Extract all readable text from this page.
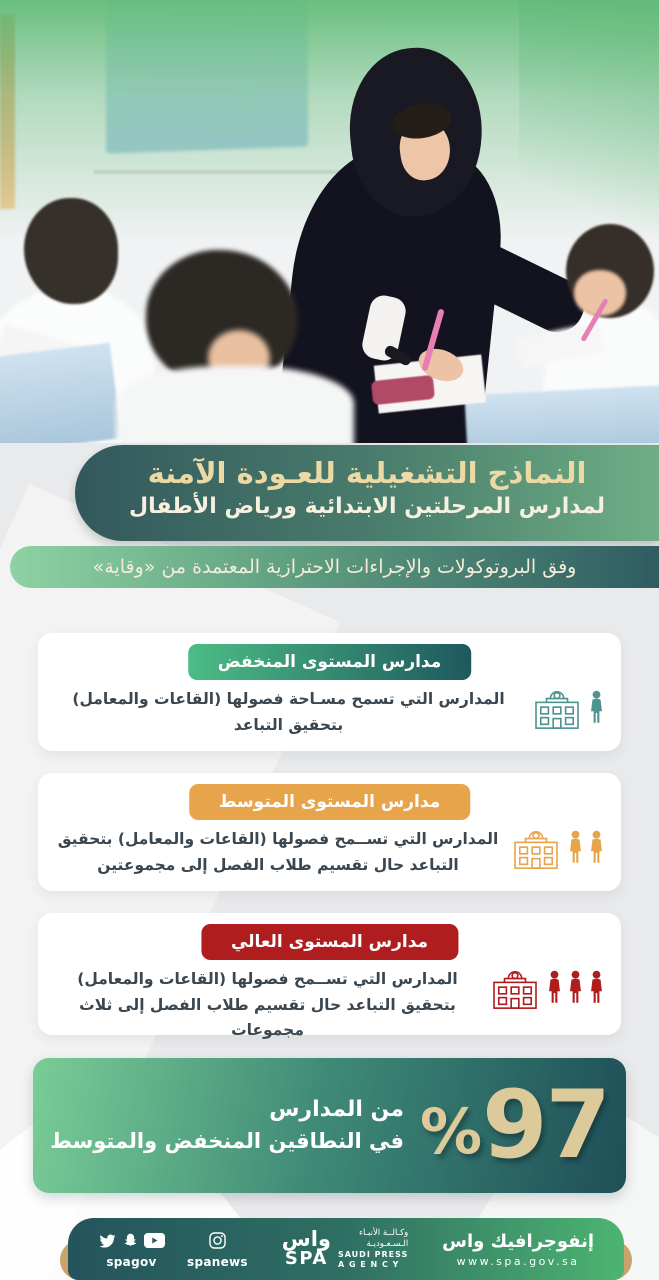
النماذج التشغيلية للعـودة الآمنة
لمدارس المرحلتين الابتدائية ورياض الأطفال
وفق البروتوكولات والإجراءات الاحترازية المعتمدة من «وقاية»
مدارس المستوى المنخفض

المدارس التي تسمح مسـاحة فصولها (القاعات والمعامل) بتحقيق التباعد

مدارس المستوى المتوسط

المدارس التي تســمح فصولها (القاعات والمعامل) بتحقيق التباعد حال تقسيم طلاب الفصل إلى مجموعتين

مدارس المستوى العالي

المدارس التي تســمح فصولها (القاعات والمعامل) بتحقيق التباعد حال تقسيم طلاب الفصل إلى ثلاث مجموعات

% 97
من المدارس
في النطاقين المنخفض والمتوسط
spagov	spanews
واس
SPA
وكـالــة الأنبـاء
الـسـعـوديـة
SAUDI PRESS
A G E N C Y
إنفوجرافيك واس
www.spa.gov.sa
